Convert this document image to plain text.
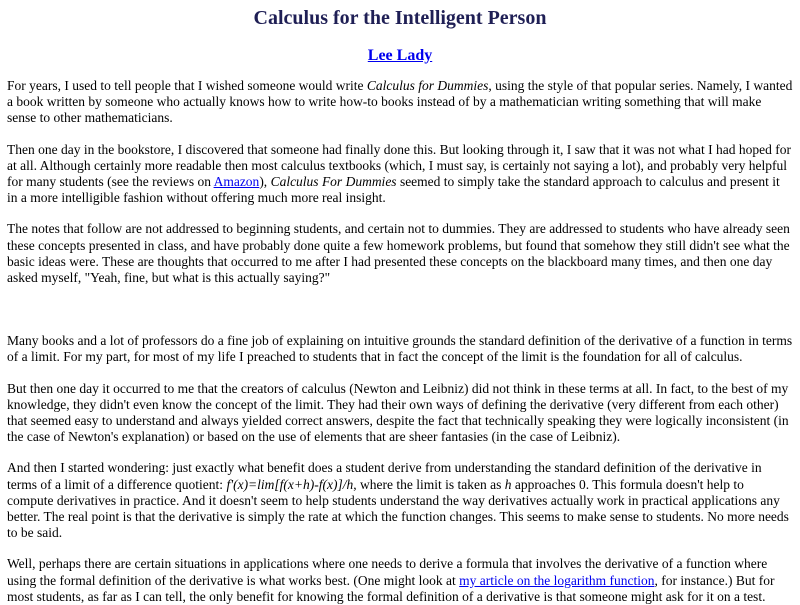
Calculus for the Intelligent Person
Lee Lady

For years, I used to tell people that I wished someone would write Calculus for Dummies, using the style of that popular series. Namely, I wanted a book written by someone who actually knows how to write how-to books instead of by a mathematician writing something that will make sense to other mathematicians.

Then one day in the bookstore, I discovered that someone had finally done this. But looking through it, I saw that it was not what I had hoped for at all. Although certainly more readable then most calculus textbooks (which, I must say, is certainly not saying a lot), and probably very helpful for many students (see the reviews on Amazon), Calculus For Dummies seemed to simply take the standard approach to calculus and present it in a more intelligible fashion without offering much more real insight.

The notes that follow are not addressed to beginning students, and certain not to dummies. They are addressed to students who have already seen these concepts presented in class, and have probably done quite a few homework problems, but found that somehow they still didn't see what the basic ideas were. These are thoughts that occurred to me after I had presented these concepts on the blackboard many times, and then one day asked myself, "Yeah, fine, but what is this actually saying?"

Many books and a lot of professors do a fine job of explaining on intuitive grounds the standard definition of the derivative of a function in terms of a limit. For my part, for most of my life I preached to students that in fact the concept of the limit is the foundation for all of calculus.

But then one day it occurred to me that the creators of calculus (Newton and Leibniz) did not think in these terms at all. In fact, to the best of my knowledge, they didn't even know the concept of the limit. They had their own ways of defining the derivative (very different from each other) that seemed easy to understand and always yielded correct answers, despite the fact that technically speaking they were logically inconsistent (in the case of Newton's explanation) or based on the use of elements that are sheer fantasies (in the case of Leibniz).

And then I started wondering: just exactly what benefit does a student derive from understanding the standard definition of the derivative in terms of a limit of a difference quotient: f'(x)=lim[f(x+h)-f(x)]/h, where the limit is taken as h approaches 0. This formula doesn't help to compute derivatives in practice. And it doesn't seem to help students understand the way derivatives actually work in practical applications any better. The real point is that the derivative is simply the rate at which the function changes. This seems to make sense to students. No more needs to be said.

Well, perhaps there are certain situations in applications where one needs to derive a formula that involves the derivative of a function where using the formal definition of the derivative is what works best. (One might look at my article on the logarithm function, for instance.) But for most students, as far as I can tell, the only benefit for knowing the formal definition of a derivative is that someone might ask for it on a test.
